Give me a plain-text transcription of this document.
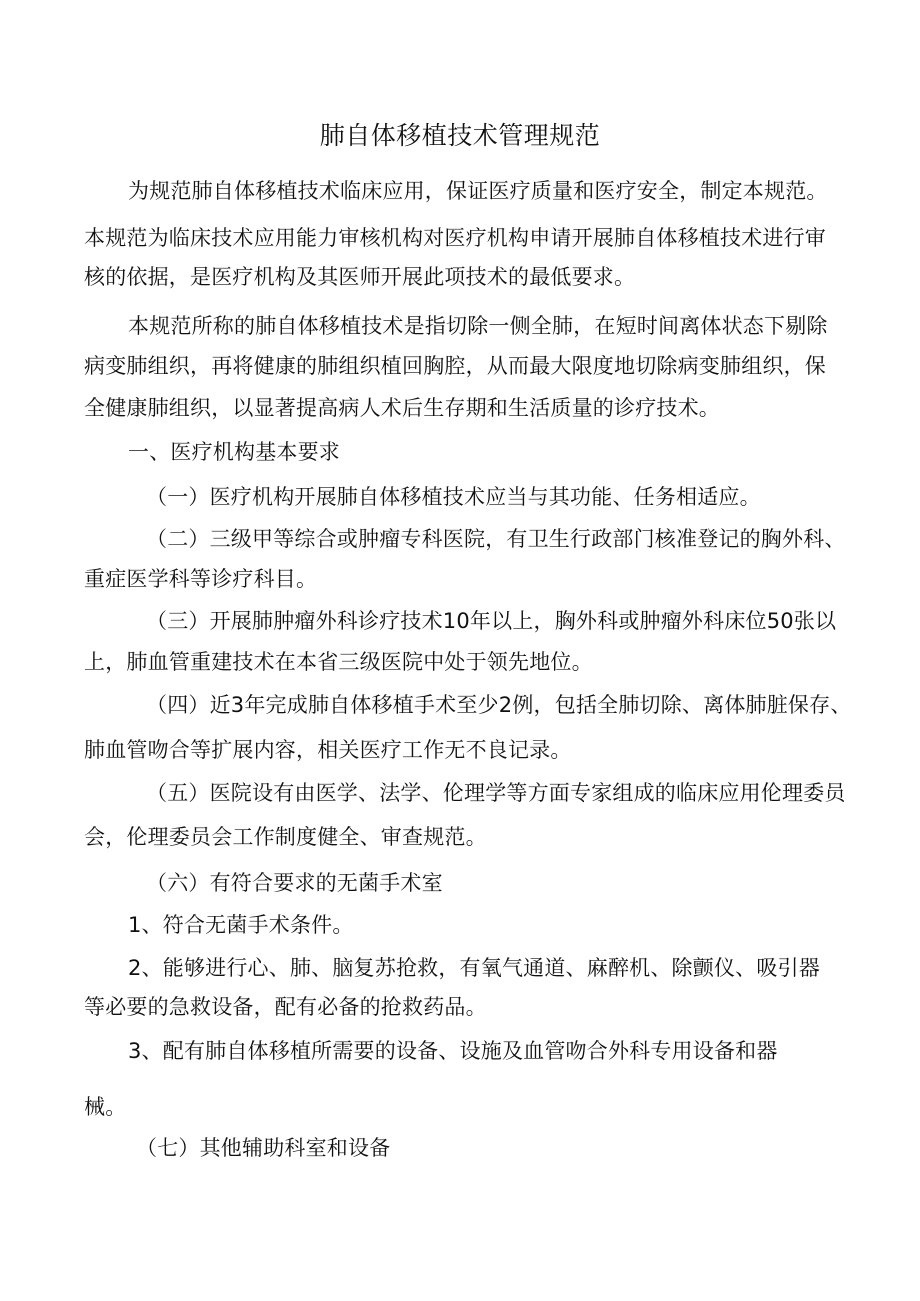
肺自体移植技术管理规范
为规范肺自体移植技术临床应用，保证医疗质量和医疗安全，制定本规范。
本规范为临床技术应用能力审核机构对医疗机构申请开展肺自体移植技术进行审
核的依据，是医疗机构及其医师开展此项技术的最低要求。
本规范所称的肺自体移植技术是指切除一侧全肺，在短时间离体状态下剔除
病变肺组织，再将健康的肺组织植回胸腔，从而最大限度地切除病变肺组织，保
全健康肺组织，以显著提高病人术后生存期和生活质量的诊疗技术。
一、医疗机构基本要求
（一）医疗机构开展肺自体移植技术应当与其功能、任务相适应。
（二）三级甲等综合或肿瘤专科医院，有卫生行政部门核准登记的胸外科、
重症医学科等诊疗科目。
（三）开展肺肿瘤外科诊疗技术10年以上，胸外科或肿瘤外科床位50张以
上，肺血管重建技术在本省三级医院中处于领先地位。
（四）近3年完成肺自体移植手术至少2例，包括全肺切除、离体肺脏保存、
肺血管吻合等扩展内容，相关医疗工作无不良记录。
（五）医院设有由医学、法学、伦理学等方面专家组成的临床应用伦理委员
会，伦理委员会工作制度健全、审查规范。
（六）有符合要求的无菌手术室
1、符合无菌手术条件。
2、能够进行心、肺、脑复苏抢救，有氧气通道、麻醉机、除颤仪、吸引器
等必要的急救设备，配有必备的抢救药品。
3、配有肺自体移植所需要的设备、设施及血管吻合外科专用设备和器
械。
（七）其他辅助科室和设备
